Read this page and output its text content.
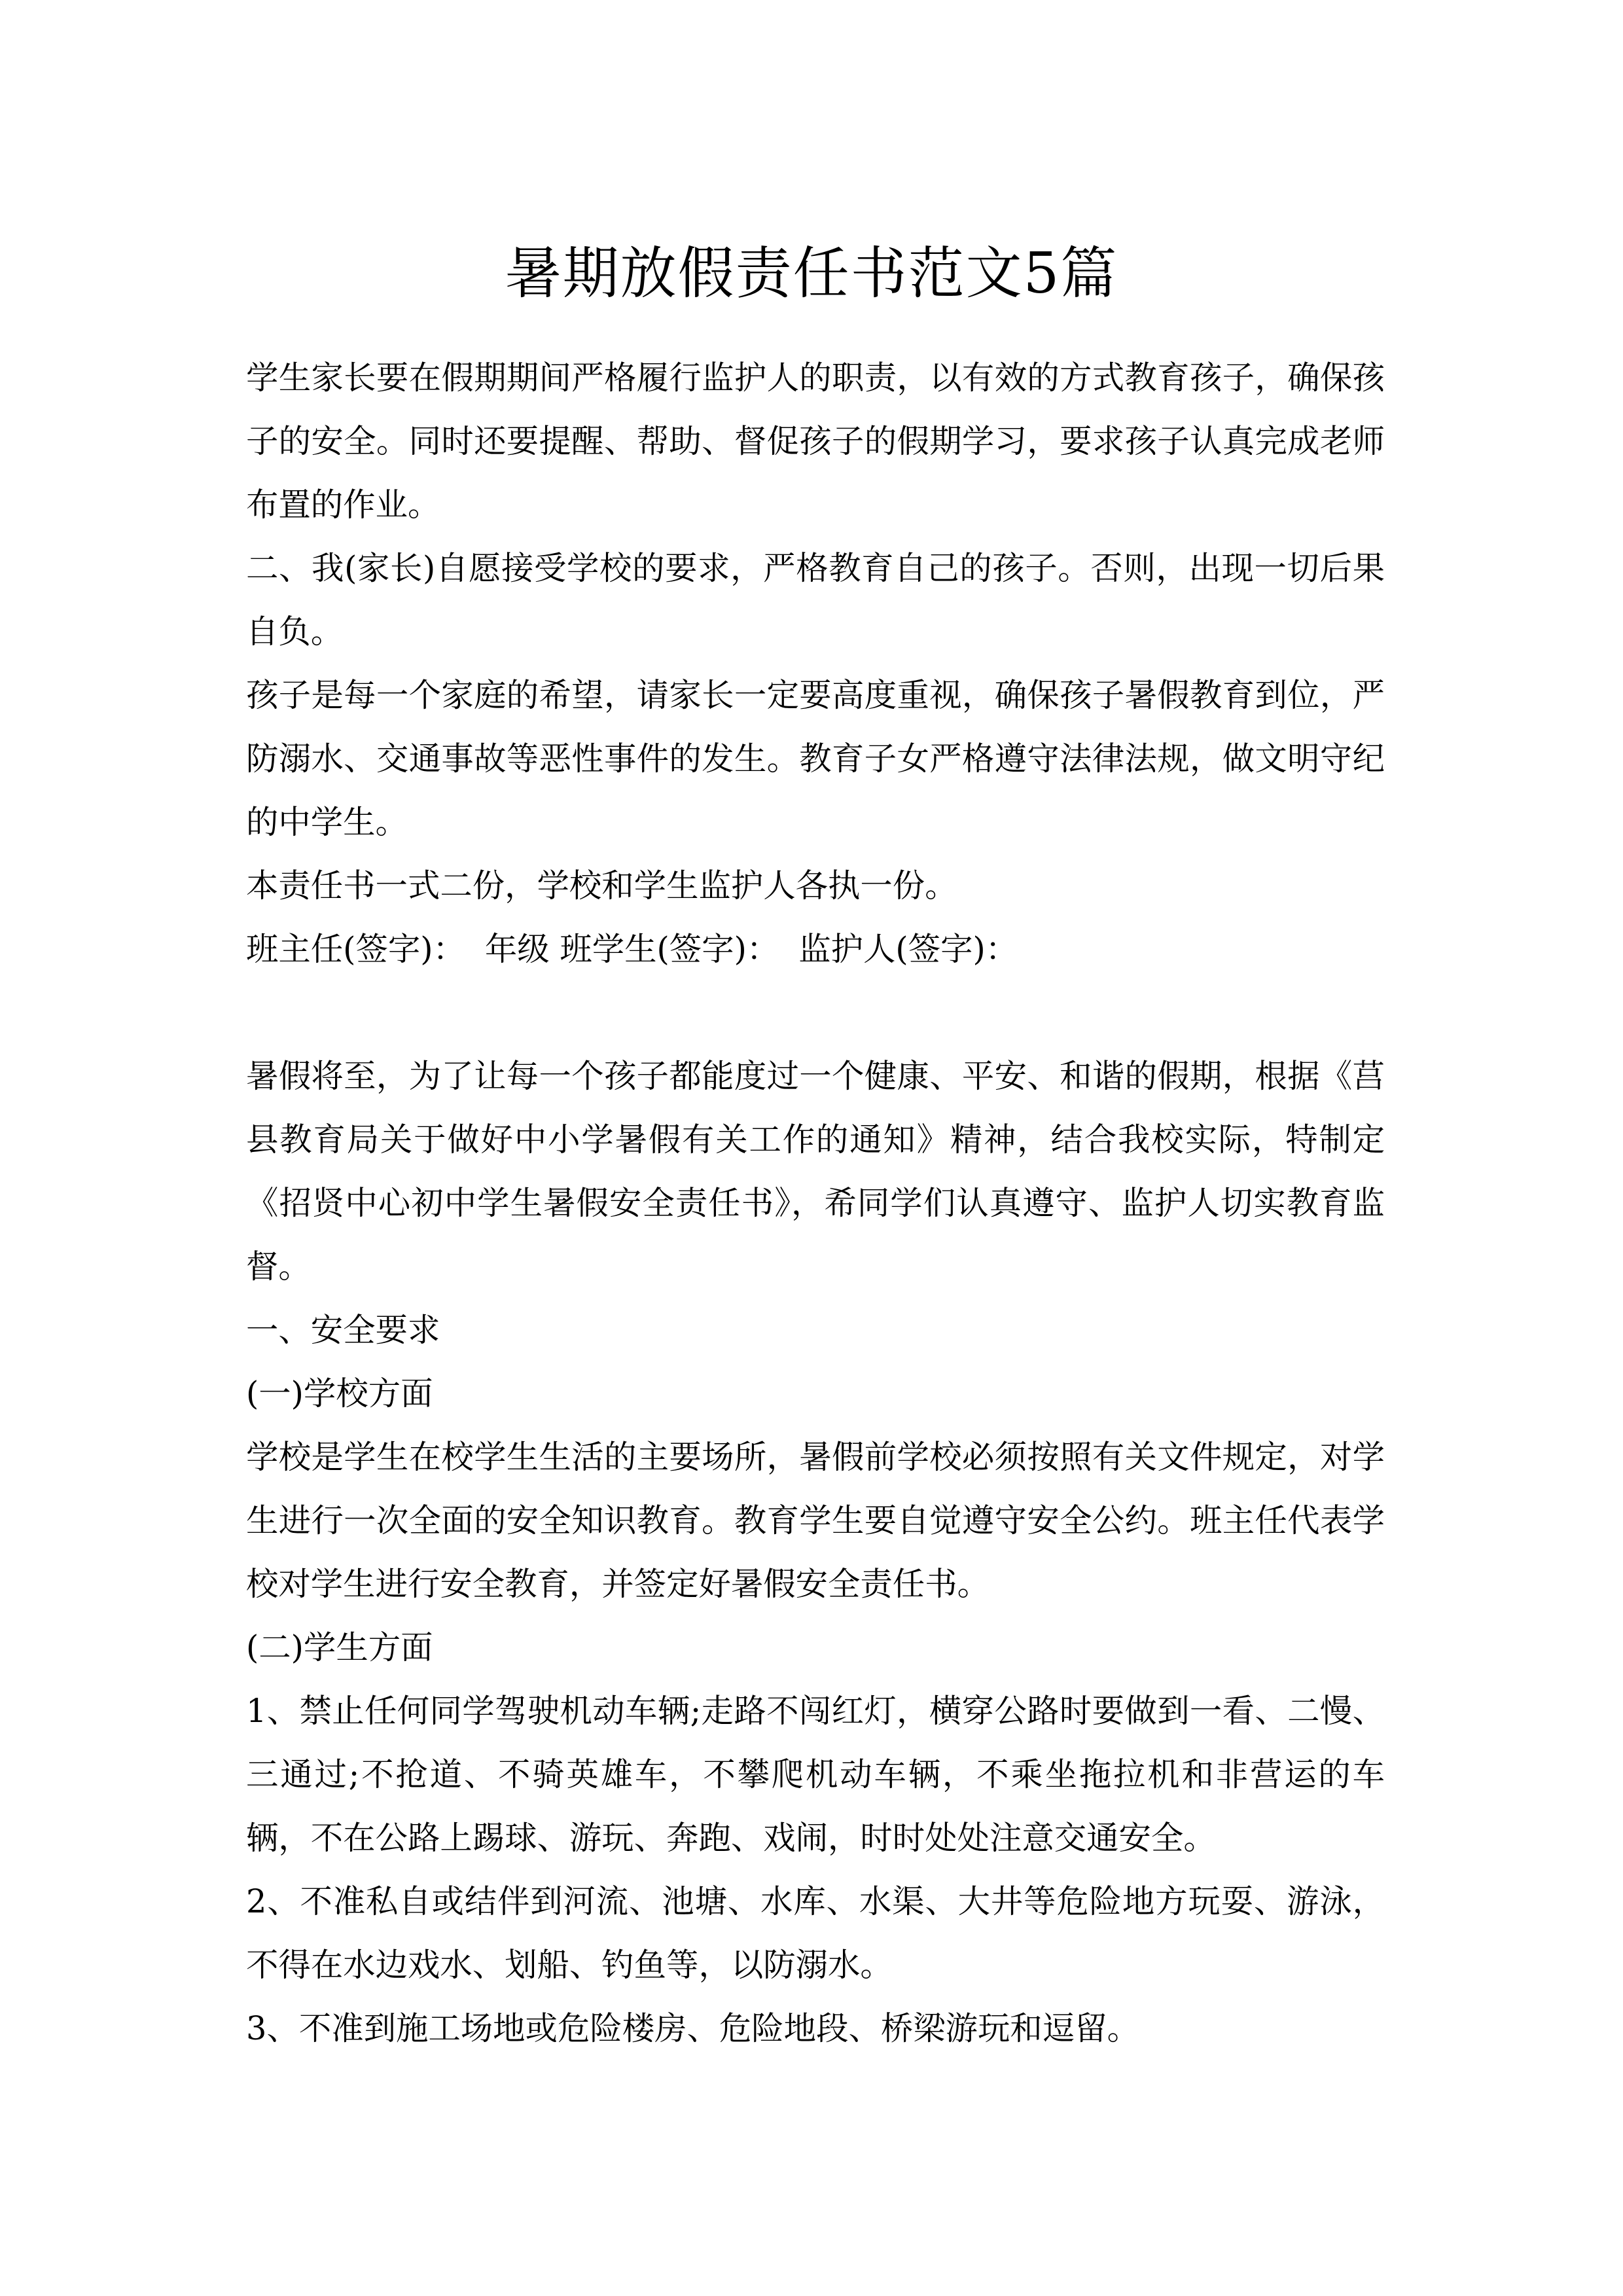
暑期放假责任书范文5篇

学生家长要在假期期间严格履行监护人的职责，以有效的方式教育孩子，确保孩子的安全。同时还要提醒、帮助、督促孩子的假期学习，要求孩子认真完成老师布置的作业。

二、我(家长)自愿接受学校的要求，严格教育自己的孩子。否则，出现一切后果自负。

孩子是每一个家庭的希望，请家长一定要高度重视，确保孩子暑假教育到位，严防溺水、交通事故等恶性事件的发生。教育子女严格遵守法律法规，做文明守纪的中学生。

本责任书一式二份，学校和学生监护人各执一份。

班主任(签字)： 年级 班学生(签字)： 监护人(签字)：

暑假将至，为了让每一个孩子都能度过一个健康、平安、和谐的假期，根据《莒县教育局关于做好中小学暑假有关工作的通知》精神，结合我校实际，特制定《招贤中心初中学生暑假安全责任书》，希同学们认真遵守、监护人切实教育监督。

一、安全要求

(一)学校方面

学校是学生在校学生生活的主要场所，暑假前学校必须按照有关文件规定，对学生进行一次全面的安全知识教育。教育学生要自觉遵守安全公约。班主任代表学校对学生进行安全教育，并签定好暑假安全责任书。

(二)学生方面

1、禁止任何同学驾驶机动车辆;走路不闯红灯，横穿公路时要做到一看、二慢、三通过;不抢道、不骑英雄车，不攀爬机动车辆，不乘坐拖拉机和非营运的车辆，不在公路上踢球、游玩、奔跑、戏闹，时时处处注意交通安全。

2、不准私自或结伴到河流、池塘、水库、水渠、大井等危险地方玩耍、游泳，不得在水边戏水、划船、钓鱼等，以防溺水。

3、不准到施工场地或危险楼房、危险地段、桥梁游玩和逗留。
